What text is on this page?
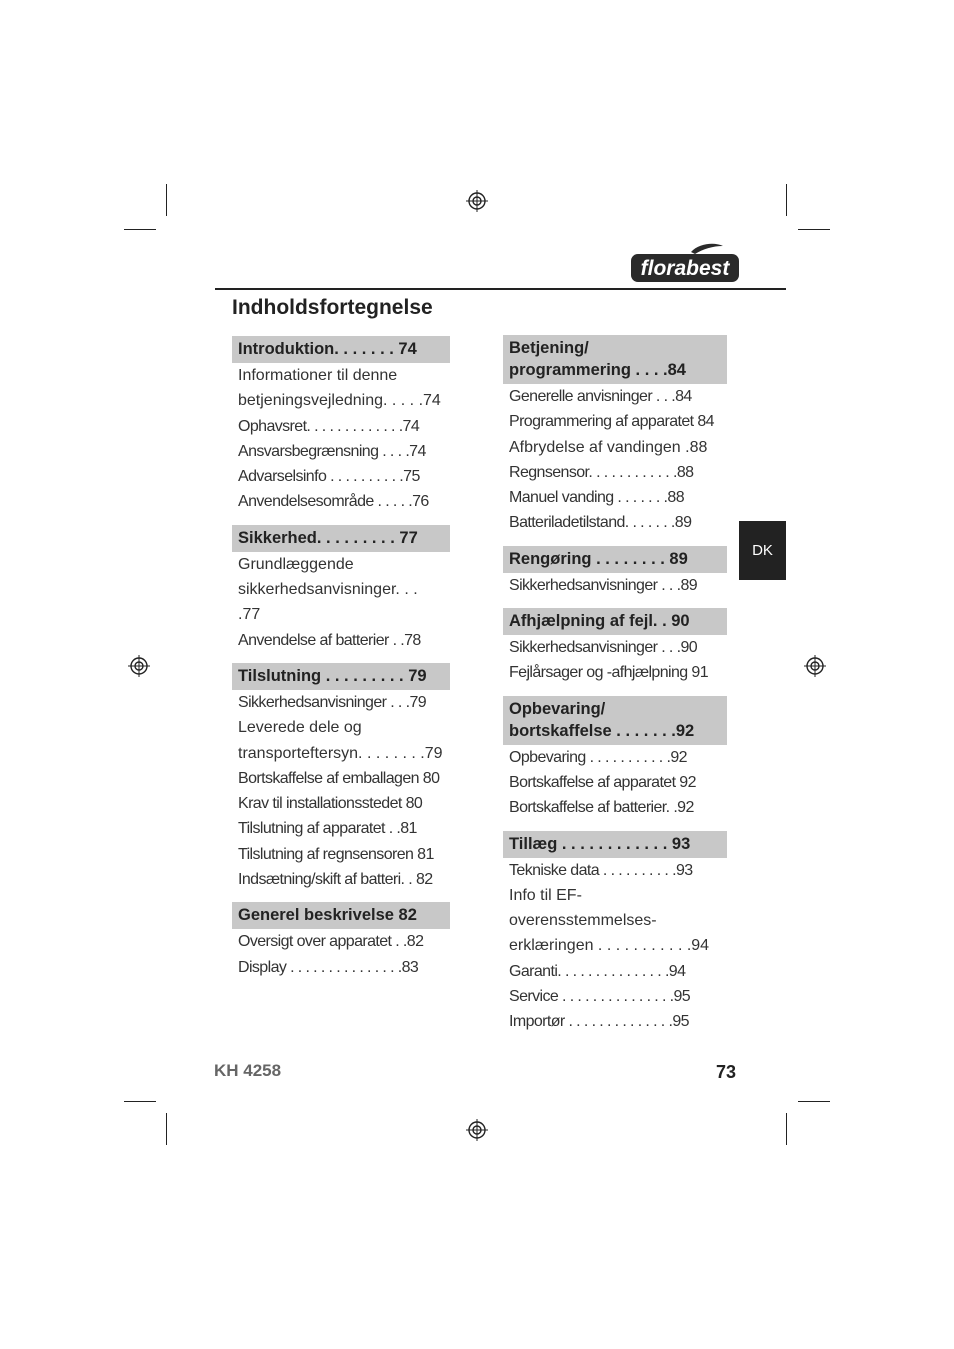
florabest
Indholdsfortegnelse
Introduktion. . . . . . . 74
Informationer til denne
betjeningsvejledning. . . . .74
Ophavsret. . . . . . . . . . . . .74
Ansvarsbegrænsning . . . .74
Advarselsinfo . . . . . . . . . .75
Anvendelsesområde . . . . .76
Sikkerhed. . . . . . . . . 77
Grundlæggende
sikkerhedsanvisninger. . . .77
Anvendelse af batterier . .78
Tilslutning . . . . . . . . . 79
Sikkerhedsanvisninger . . .79
Leverede dele og
transporteftersyn. . . . . . . .79
Bortskaffelse af emballagen 80
Krav til installationsstedet 80
Tilslutning af apparatet . .81
Tilslutning af regnsensoren 81
Indsætning/skift af batteri. . 82
Generel beskrivelse 82
Oversigt over apparatet . .82
Display . . . . . . . . . . . . . . .83
Betjening/
programmering . . . .84
Generelle anvisninger . . .84
Programmering af apparatet 84
Afbrydelse af vandingen .88
Regnsensor. . . . . . . . . . . .88
Manuel vanding . . . . . . .88
Batteriladetilstand. . . . . . .89
Rengøring . . . . . . . . 89
Sikkerhedsanvisninger . . .89
Afhjælpning af fejl. . 90
Sikkerhedsanvisninger . . .90
Fejlårsager og -afhjælpning 91
Opbevaring/
bortskaffelse . . . . . . .92
Opbevaring . . . . . . . . . . .92
Bortskaffelse af apparatet 92
Bortskaffelse af batterier. .92
Tillæg . . . . . . . . . . . . 93
Tekniske data . . . . . . . . . .93
Info til EF-overensstemmelses-
erklæringen . . . . . . . . . . .94
Garanti. . . . . . . . . . . . . . .94
Service . . . . . . . . . . . . . . .95
Importør . . . . . . . . . . . . . .95
DK
KH 4258	73
